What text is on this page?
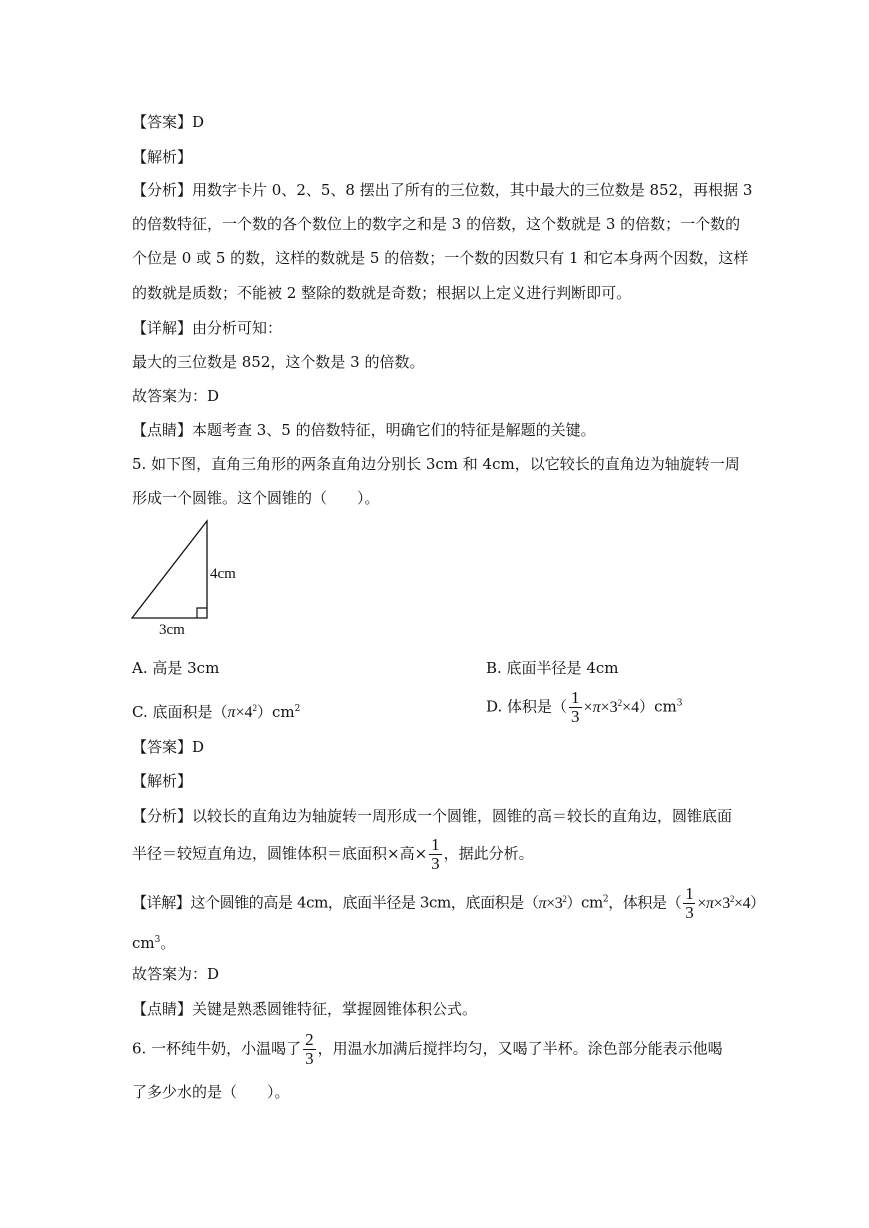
【答案】D
【解析】
【分析】用数字卡片 0、2、5、8 摆出了所有的三位数，其中最大的三位数是 852，再根据 3
的倍数特征，一个数的各个数位上的数字之和是 3 的倍数，这个数就是 3 的倍数；一个数的
个位是 0 或 5 的数，这样的数就是 5 的倍数；一个数的因数只有 1 和它本身两个因数，这样
的数就是质数；不能被 2 整除的数就是奇数；根据以上定义进行判断即可。
【详解】由分析可知：
最大的三位数是 852，这个数是 3 的倍数。
故答案为：D
【点睛】本题考查 3、5 的倍数特征，明确它们的特征是解题的关键。
5. 如下图，直角三角形的两条直角边分别长 3cm 和 4cm，以它较长的直角边为轴旋转一周
形成一个圆锥。这个圆锥的（　　）。
4cm
3cm
A. 高是 3cm	B. 底面半径是 4cm
C. 底面积是$(\pi\times 4^2)cm^2$	D. 体积是（ $\frac{1}{3} \times\pi\times 3^2\times 4)cm^3$
【答案】D
【解析】
【分析】以较长的直角边为轴旋转一周形成一个圆锥，圆锥的高＝较长的直角边，圆锥底面
半径＝较短直角边，圆锥体积＝底面积×高× $\frac{1}{3}$ ，据此分析。
【详解】这个圆锥的高是 4cm，底面半径是 3cm，底面积是$(\pi\times 3^2)cm^2$，体积是（ $\frac{1}{3} \times\pi\times 3^2\times 4$）
$cm^3$。
故答案为：D
【点睛】关键是熟悉圆锥特征，掌握圆锥体积公式。
6. 一杯纯牛奶，小温喝了 $\frac{2}{3}$ ，用温水加满后搅拌均匀，又喝了半杯。涂色部分能表示他喝
了多少水的是（　　）。
